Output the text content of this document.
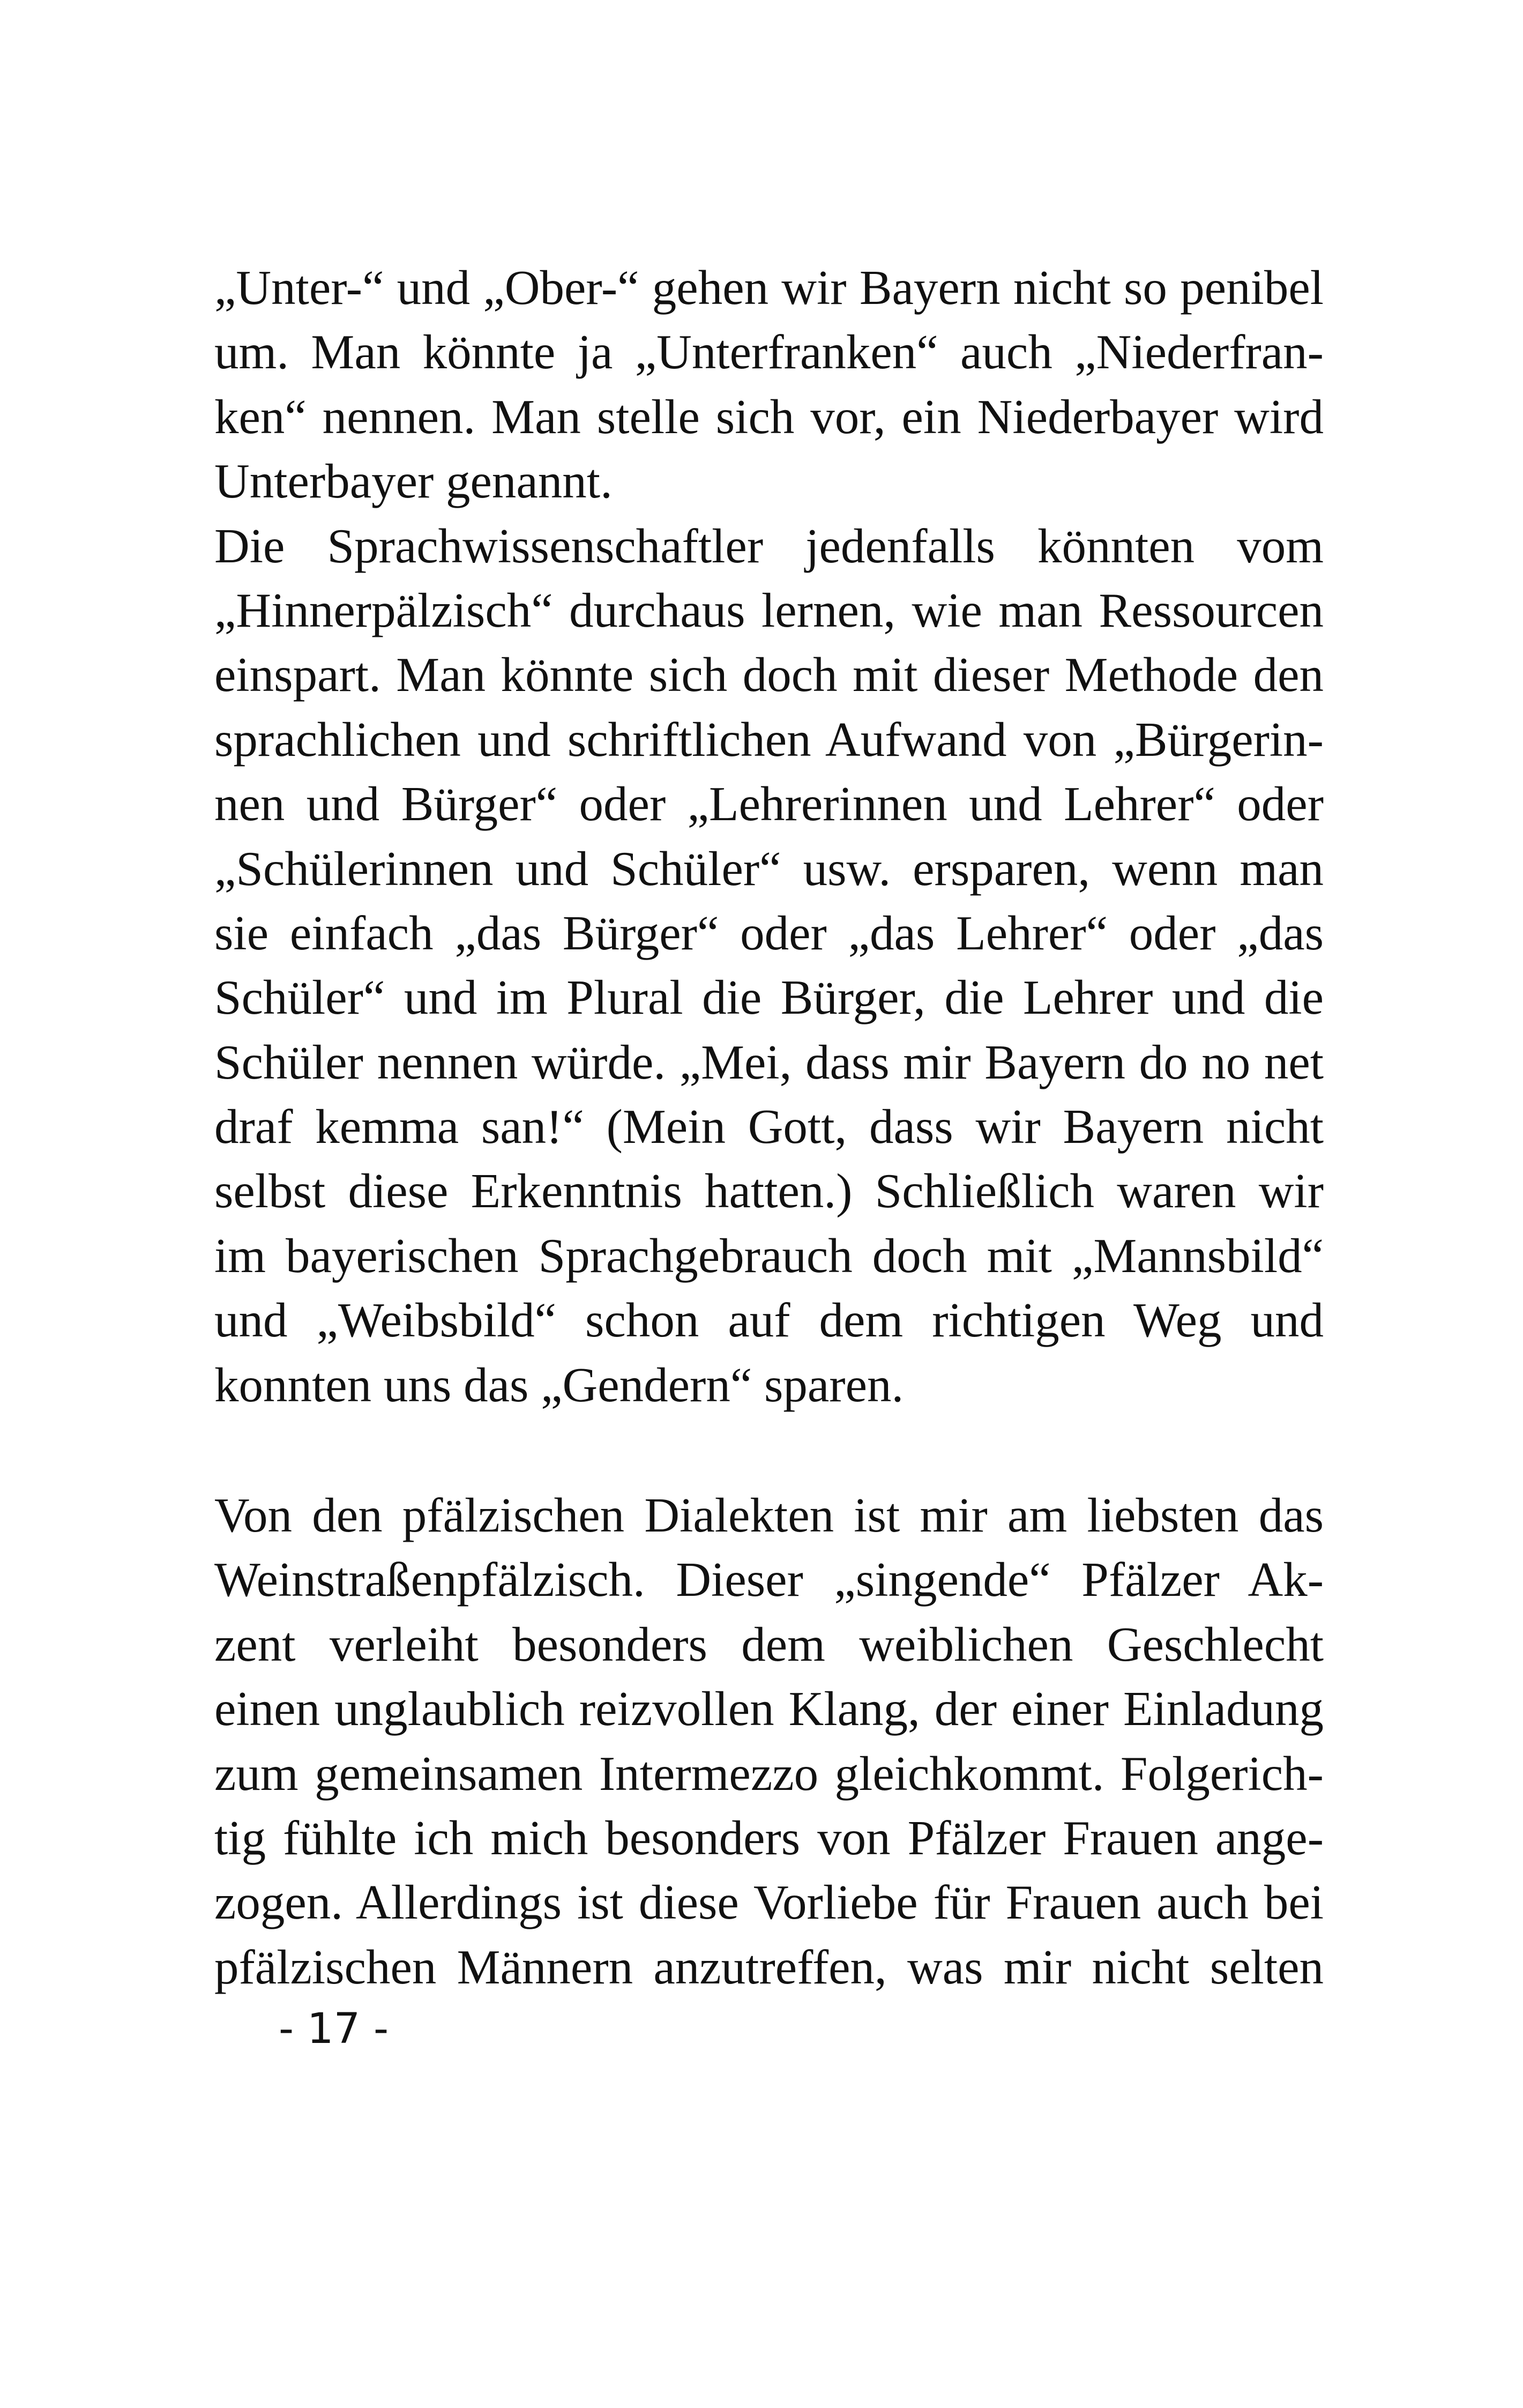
„Unter-“ und „Ober-“ gehen wir Bayern nicht so penibel
um. Man könnte ja „Unterfranken“ auch „Niederfran-
ken“ nennen. Man stelle sich vor, ein Niederbayer wird
Unterbayer genannt.
Die Sprachwissenschaftler jedenfalls könnten vom
„Hinnerpälzisch“ durchaus lernen, wie man Ressourcen
einspart. Man könnte sich doch mit dieser Methode den
sprachlichen und schriftlichen Aufwand von „Bürgerin-
nen und Bürger“ oder „Lehrerinnen und Lehrer“ oder
„Schülerinnen und Schüler“ usw. ersparen, wenn man
sie einfach „das Bürger“ oder „das Lehrer“ oder „das
Schüler“ und im Plural die Bürger, die Lehrer und die
Schüler nennen würde. „Mei, dass mir Bayern do no net
draf kemma san!“ (Mein Gott, dass wir Bayern nicht
selbst diese Erkenntnis hatten.) Schließlich waren wir
im bayerischen Sprachgebrauch doch mit „Mannsbild“
und „Weibsbild“ schon auf dem richtigen Weg und
konnten uns das „Gendern“ sparen.
Von den pfälzischen Dialekten ist mir am liebsten das
Weinstraßenpfälzisch. Dieser „singende“ Pfälzer Ak-
zent verleiht besonders dem weiblichen Geschlecht
einen unglaublich reizvollen Klang, der einer Einladung
zum gemeinsamen Intermezzo gleichkommt. Folgerich-
tig fühlte ich mich besonders von Pfälzer Frauen ange-
zogen. Allerdings ist diese Vorliebe für Frauen auch bei
pfälzischen Männern anzutreffen, was mir nicht selten
- 17 -
